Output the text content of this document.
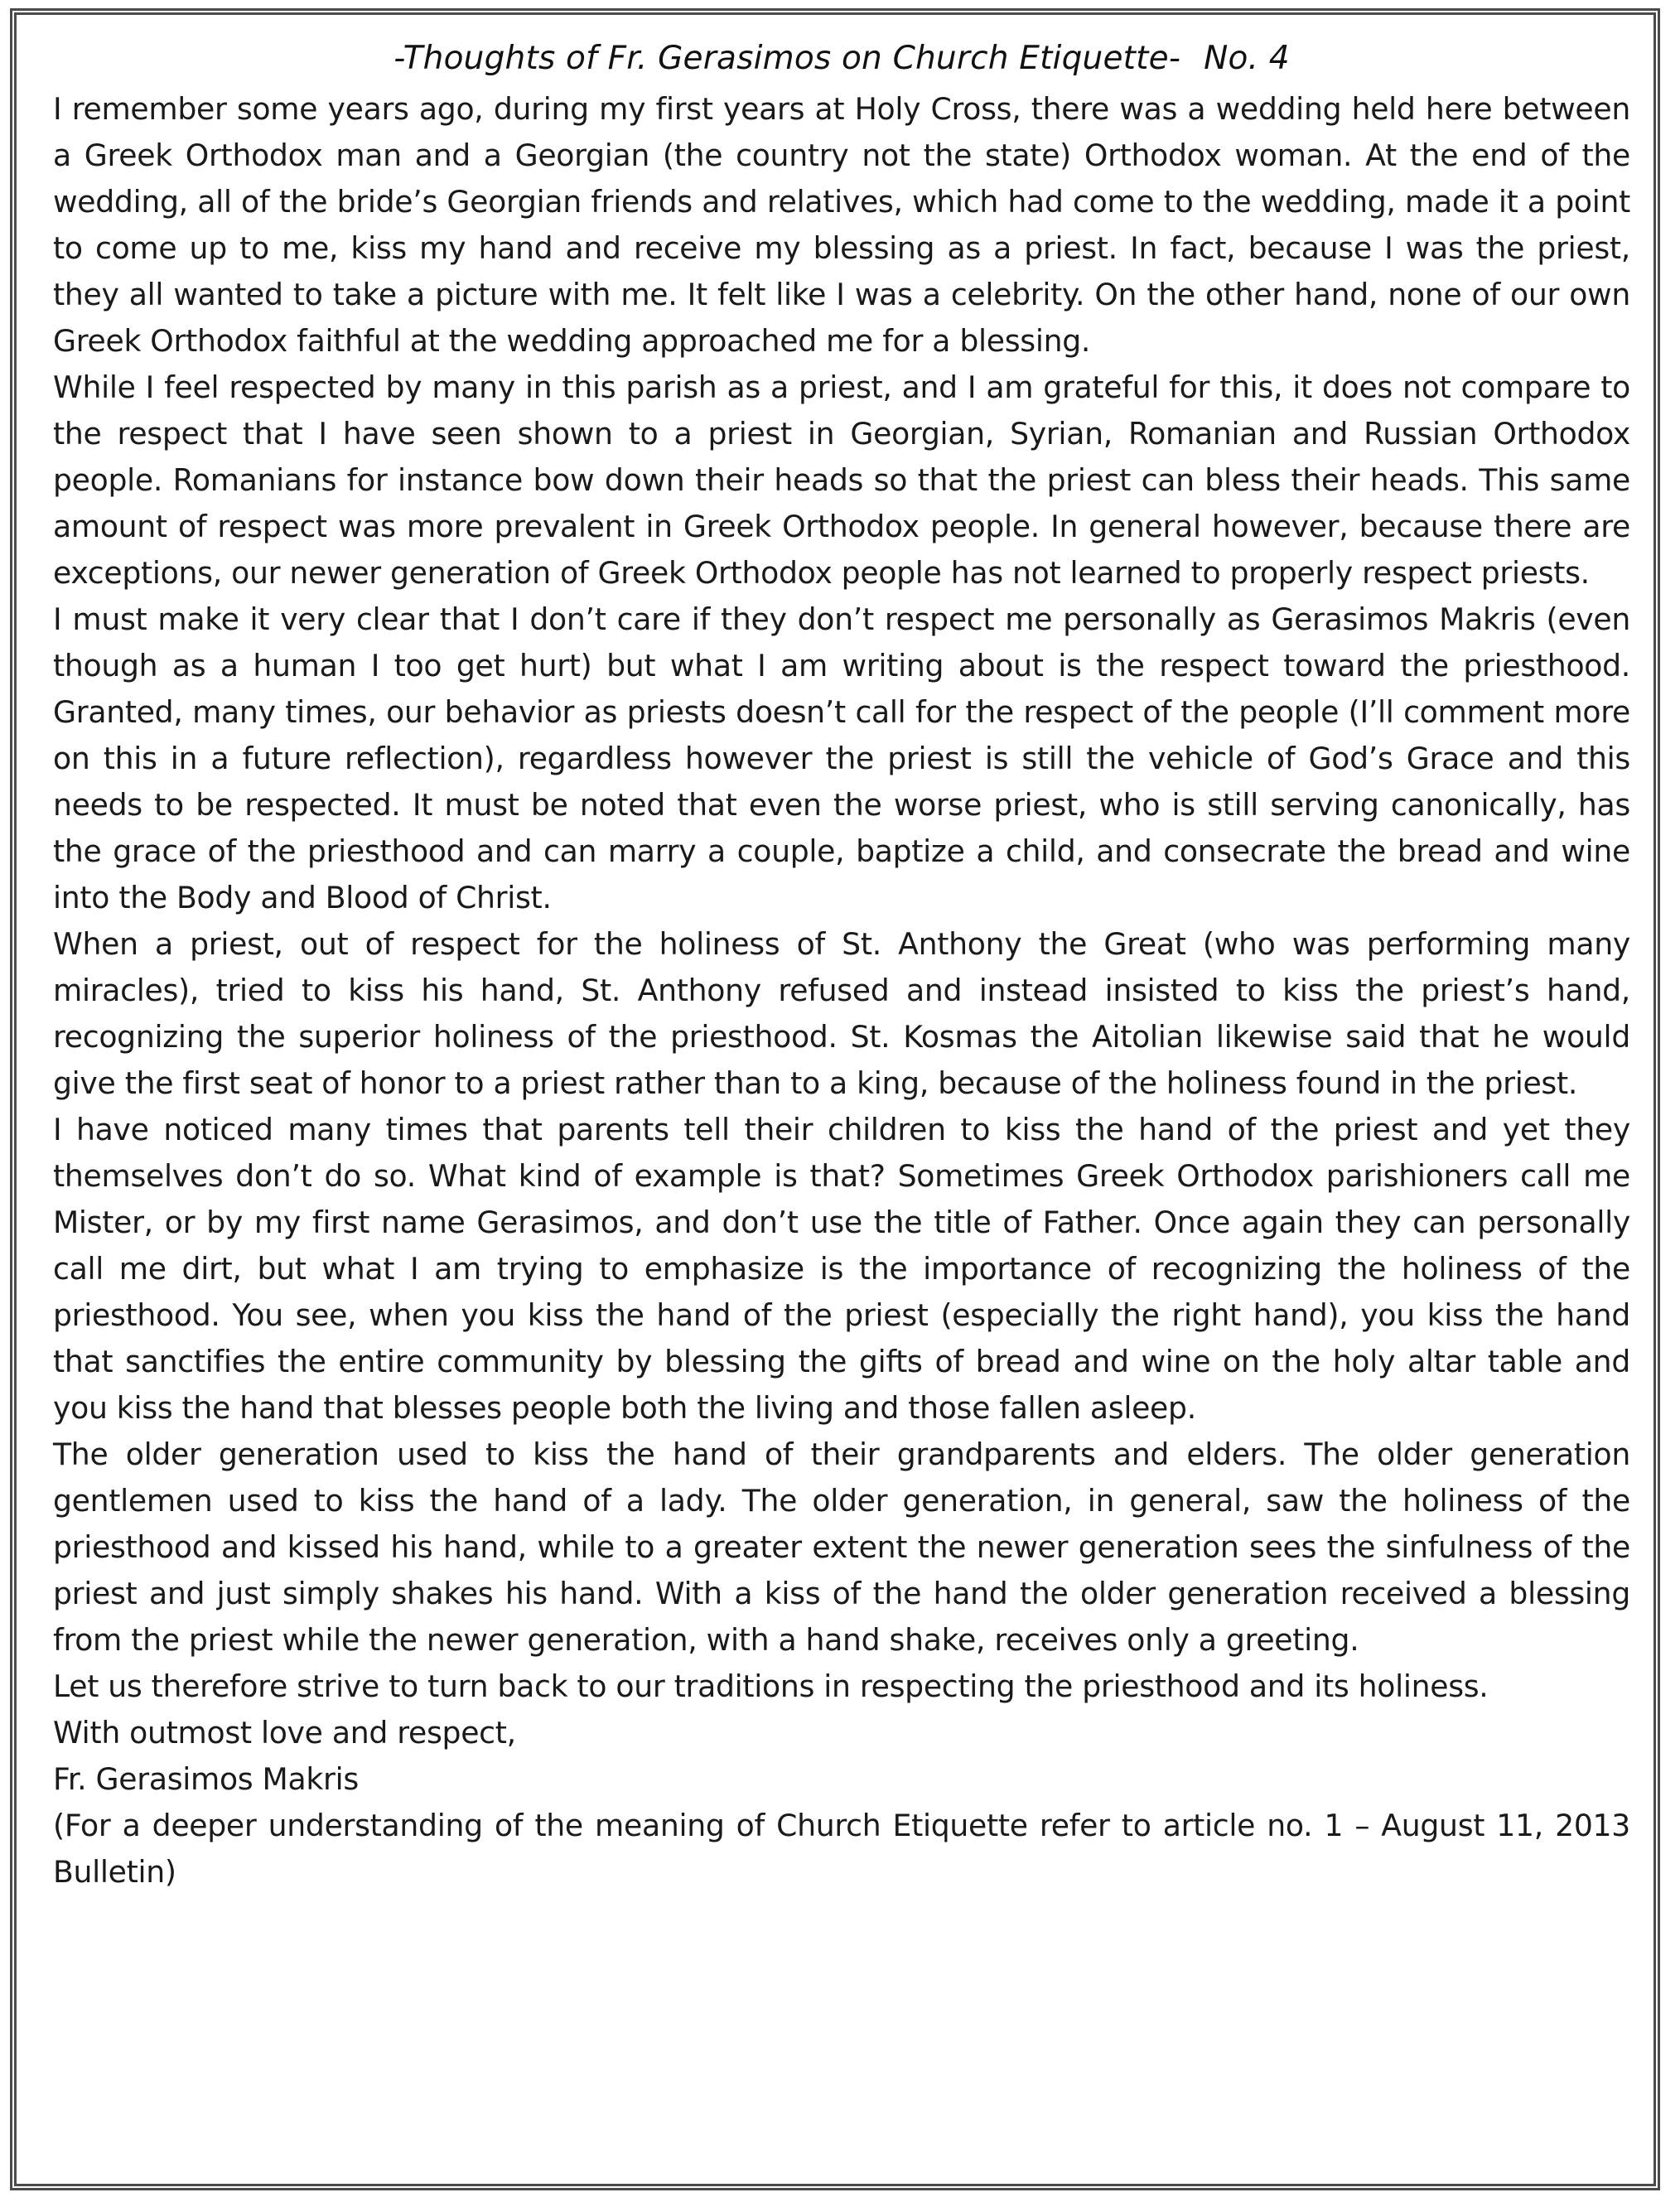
-Thoughts of Fr. Gerasimos on Church Etiquette- No. 4

I remember some years ago, during my first years at Holy Cross, there was a wedding held here between a Greek Orthodox man and a Georgian (the country not the state) Orthodox woman. At the end of the wedding, all of the bride’s Georgian friends and relatives, which had come to the wedding, made it a point to come up to me, kiss my hand and receive my blessing as a priest. In fact, because I was the priest, they all wanted to take a picture with me. It felt like I was a celebrity. On the other hand, none of our own Greek Orthodox faithful at the wedding approached me for a blessing.

While I feel respected by many in this parish as a priest, and I am grateful for this, it does not compare to the respect that I have seen shown to a priest in Georgian, Syrian, Romanian and Russian Orthodox people. Romanians for instance bow down their heads so that the priest can bless their heads. This same amount of respect was more prevalent in Greek Orthodox people. In general however, because there are exceptions, our newer generation of Greek Orthodox people has not learned to properly respect priests.

I must make it very clear that I don’t care if they don’t respect me personally as Gerasimos Makris (even though as a human I too get hurt) but what I am writing about is the respect toward the priesthood. Granted, many times, our behavior as priests doesn’t call for the respect of the people (I’ll comment more on this in a future reflection), regardless however the priest is still the vehicle of God’s Grace and this needs to be respected. It must be noted that even the worse priest, who is still serving canonically, has the grace of the priesthood and can marry a couple, baptize a child, and consecrate the bread and wine into the Body and Blood of Christ.

When a priest, out of respect for the holiness of St. Anthony the Great (who was performing many miracles), tried to kiss his hand, St. Anthony refused and instead insisted to kiss the priest’s hand, recognizing the superior holiness of the priesthood. St. Kosmas the Aitolian likewise said that he would give the first seat of honor to a priest rather than to a king, because of the holiness found in the priest.

I have noticed many times that parents tell their children to kiss the hand of the priest and yet they themselves don’t do so. What kind of example is that? Sometimes Greek Orthodox parishioners call me Mister, or by my first name Gerasimos, and don’t use the title of Father. Once again they can personally call me dirt, but what I am trying to emphasize is the importance of recognizing the holiness of the priesthood. You see, when you kiss the hand of the priest (especially the right hand), you kiss the hand that sanctifies the entire community by blessing the gifts of bread and wine on the holy altar table and you kiss the hand that blesses people both the living and those fallen asleep.

The older generation used to kiss the hand of their grandparents and elders. The older generation gentlemen used to kiss the hand of a lady. The older generation, in general, saw the holiness of the priesthood and kissed his hand, while to a greater extent the newer generation sees the sinfulness of the priest and just simply shakes his hand. With a kiss of the hand the older generation received a blessing from the priest while the newer generation, with a hand shake, receives only a greeting.

Let us therefore strive to turn back to our traditions in respecting the priesthood and its holiness.

With outmost love and respect,

Fr. Gerasimos Makris

(For a deeper understanding of the meaning of Church Etiquette refer to article no. 1 – August 11, 2013 Bulletin)
